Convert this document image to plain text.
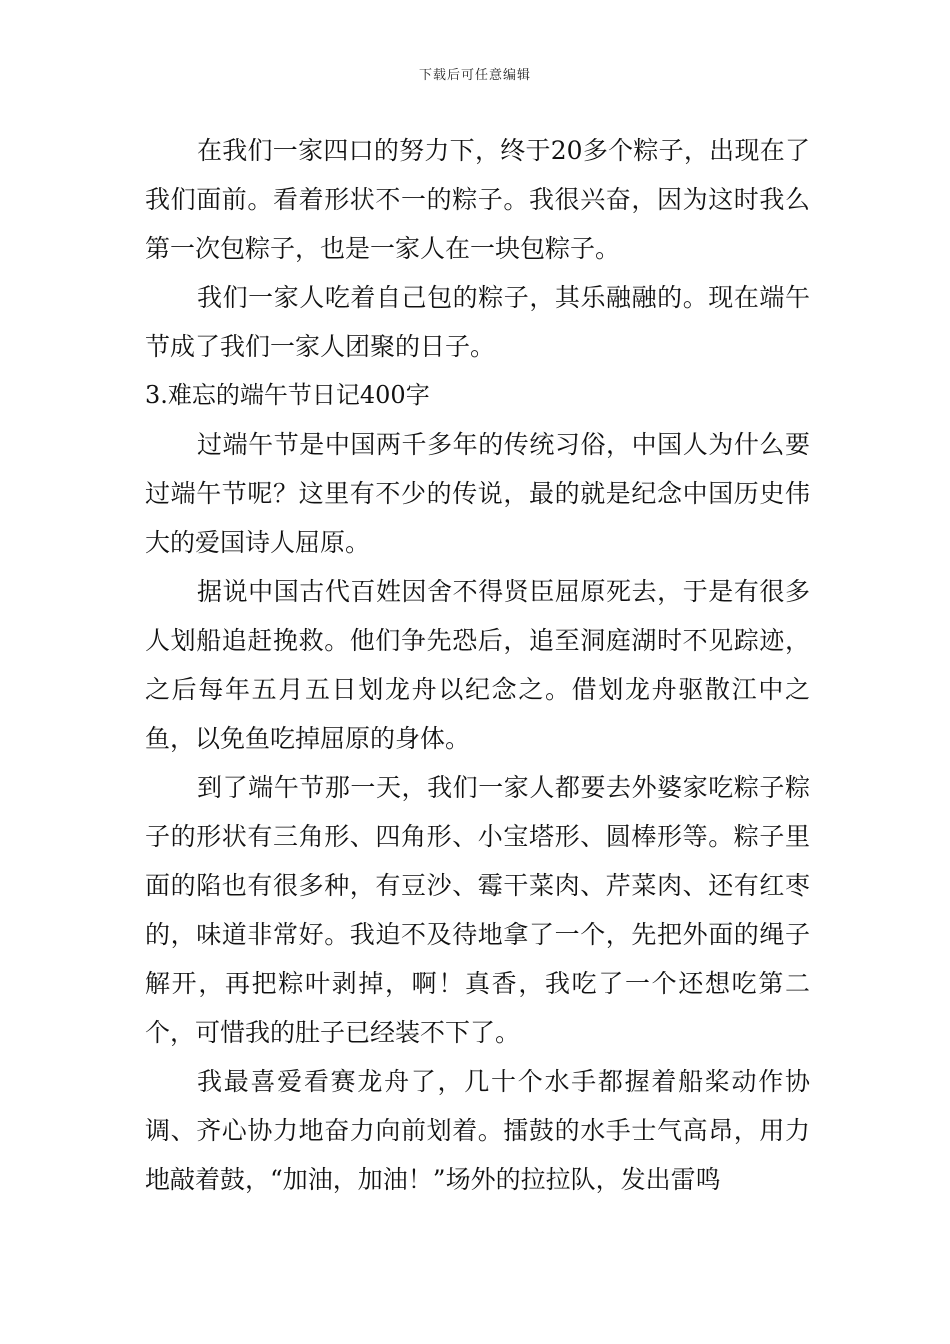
下载后可任意编辑

在我们一家四口的努力下，终于20多个粽子，出现在了我们面前。看着形状不一的粽子。我很兴奋，因为这时我么第一次包粽子，也是一家人在一块包粽子。

我们一家人吃着自己包的粽子，其乐融融的。现在端午节成了我们一家人团聚的日子。

3.难忘的端午节日记400字

过端午节是中国两千多年的传统习俗，中国人为什么要过端午节呢？这里有不少的传说，最的就是纪念中国历史伟大的爱国诗人屈原。

据说中国古代百姓因舍不得贤臣屈原死去，于是有很多人划船追赶挽救。他们争先恐后，追至洞庭湖时不见踪迹，之后每年五月五日划龙舟以纪念之。借划龙舟驱散江中之鱼，以免鱼吃掉屈原的身体。

到了端午节那一天，我们一家人都要去外婆家吃粽子粽子的形状有三角形、四角形、小宝塔形、圆棒形等。粽子里面的陷也有很多种，有豆沙、霉干菜肉、芹菜肉、还有红枣的，味道非常好。我迫不及待地拿了一个，先把外面的绳子解开，再把粽叶剥掉，啊！真香，我吃了一个还想吃第二个，可惜我的肚子已经装不下了。

我最喜爱看赛龙舟了，几十个水手都握着船桨动作协调、齐心协力地奋力向前划着。擂鼓的水手士气高昂，用力地敲着鼓，“加油，加油！”场外的拉拉队，发出雷鸣
